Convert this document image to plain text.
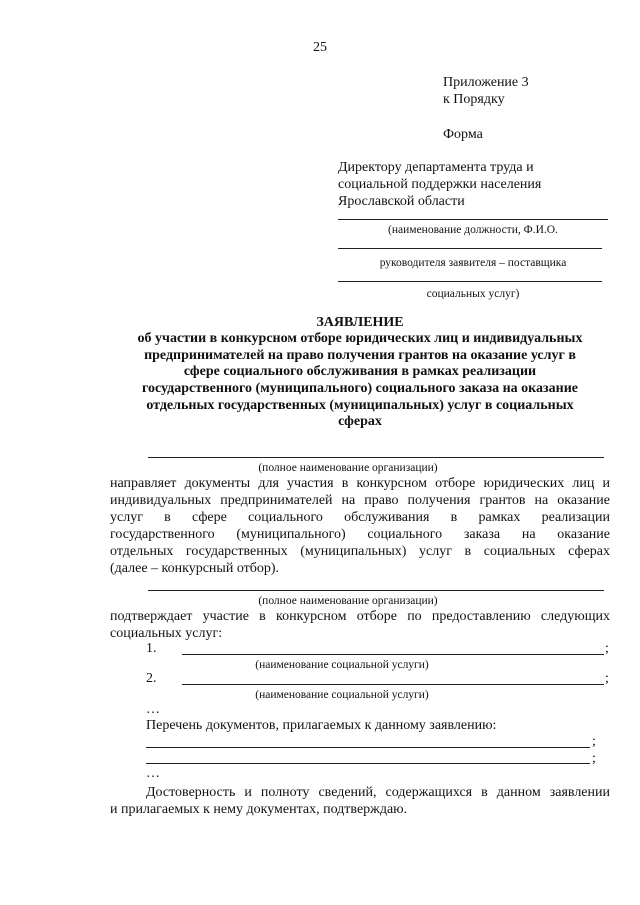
25
Приложение 3
к Порядку
Форма
Директору департамента труда и
социальной поддержки населения
Ярославской области
(наименование должности, Ф.И.О.
руководителя заявителя – поставщика
социальных услуг)
ЗАЯВЛЕНИЕ
об участии в конкурсном отборе юридических лиц и индивидуальных
предпринимателей на право получения грантов на оказание услуг в
сфере социального обслуживания в рамках реализации
государственного (муниципального) социального заказа на оказание
отдельных государственных (муниципальных) услуг в социальных
сферах
(полное наименование организации)
направляет документы для участия в конкурсном отборе юридических лиц и
индивидуальных предпринимателей на право получения грантов на оказание
услуг в сфере социального обслуживания в рамках реализации
государственного (муниципального) социального заказа на оказание
отдельных государственных (муниципальных) услуг в социальных сферах
(далее – конкурсный отбор).
(полное наименование организации)
подтверждает участие в конкурсном отборе по предоставлению следующих
социальных услуг:
1.	;
(наименование социальной услуги)
2.	;
(наименование социальной услуги)
…
Перечень документов, прилагаемых к данному заявлению:
;
;
…
Достоверность и полноту сведений, содержащихся в данном заявлении
и прилагаемых к нему документах, подтверждаю.
